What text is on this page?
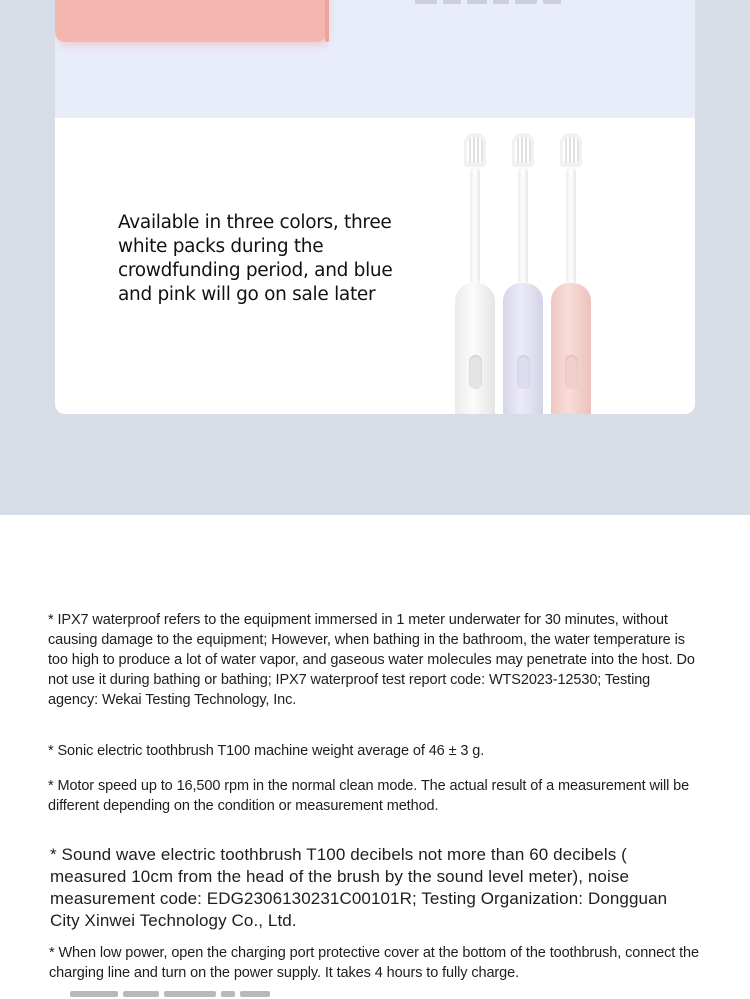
Available in three colors, three white packs during the crowdfunding period, and blue and pink will go on sale later

* IPX7 waterproof refers to the equipment immersed in 1 meter underwater for 30 minutes, without causing damage to the equipment; However, when bathing in the bathroom, the water temperature is too high to produce a lot of water vapor, and gaseous water molecules may penetrate into the host. Do not use it during bathing or bathing; IPX7 waterproof test report code: WTS2023-12530; Testing agency: Wekai Testing Technology, Inc.

* Sonic electric toothbrush T100 machine weight average of 46 ± 3 g.

* Motor speed up to 16,500 rpm in the normal clean mode. The actual result of a measurement will be different depending on the condition or measurement method.

* Sound wave electric toothbrush T100 decibels not more than 60 decibels ( measured 10cm from the head of the brush by the sound level meter), noise measurement code: EDG2306130231C00101R; Testing Organization: Dongguan City Xinwei Technology Co., Ltd.

* When low power, open the charging port protective cover at the bottom of the toothbrush, connect the charging line and turn on the power supply. It takes 4 hours to fully charge.
